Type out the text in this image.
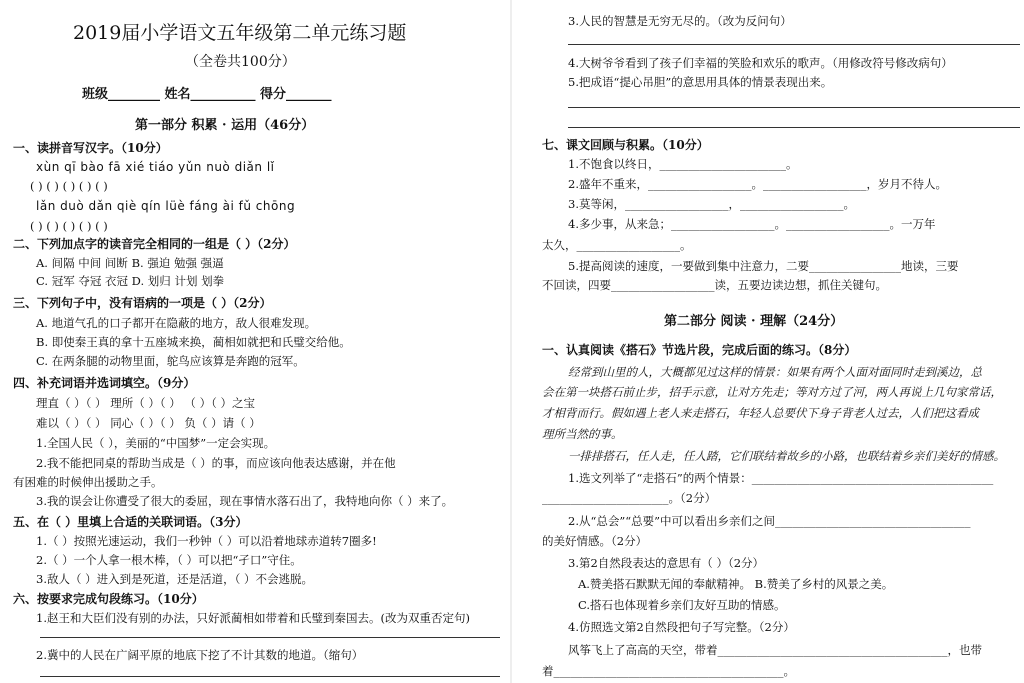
2019届小学语文五年级第二单元练习题
（全卷共100分）
班级________ 姓名__________ 得分_______
第一部分 积累 · 运用（46分）
一、读拼音写汉字。（10分）
xùn qī bào fā xié tiáo yǔn nuò diǎn lǐ
( ) ( ) ( ) ( ) ( )
lǎn duò dǎn qiè qín lüè fáng ài fǔ chōng
( ) ( ) ( ) ( ) ( )
二、下列加点字的读音完全相同的一组是（ ）（2分）
A. 间隔 中间 间断 B. 强迫 勉强 强逼
C. 冠军 夺冠 衣冠 D. 划归 计划 划拳
三、下列句子中，没有语病的一项是（ ）（2分）
A. 地道气孔的口子都开在隐蔽的地方，敌人很难发现。
B. 即使秦王真的拿十五座城来换，蔺相如就把和氏璧交给他。
C. 在两条腿的动物里面，鸵鸟应该算是奔跑的冠军。
四、补充词语并选词填空。（9分）
理直（ ）（ ） 理所（ ）（ ） （ ）（ ）之宝
难以（ ）（ ） 同心（ ）（ ） 负（ ）请（ ）
1.全国人民（ ），美丽的“中国梦”一定会实现。
2.我不能把同桌的帮助当成是（ ）的事，而应该向他表达感谢，并在他
有困难的时候伸出援助之手。
3.我的误会让你遭受了很大的委屈，现在事情水落石出了，我特地向你（ ）来了。
五、在（ ）里填上合适的关联词语。（3分）
1.（ ）按照光速运动，我们一秒钟（ ）可以沿着地球赤道转7圈多!
2.（ ）一个人拿一根木棒，（ ）可以把“孑口”守住。
3.敌人（ ）进入到是死道，还是活道，（ ）不会逃脱。
六、按要求完成句段练习。（10分）
1.赵王和大臣们没有别的办法，只好派蔺相如带着和氏璧到秦国去。(改为双重否定句)
2.冀中的人民在广阔平原的地底下挖了不计其数的地道。（缩句）
3.人民的智慧是无穷无尽的。（改为反问句）
4.大树爷爷看到了孩子们幸福的笑脸和欢乐的歌声。（用修改符号修改病句）
5.把成语“提心吊胆”的意思用具体的情景表现出来。
七、课文回顾与积累。（10分）
1.不饱食以终日，______________________。
2.盛年不重来，__________________。__________________，岁月不待人。
3.莫等闲，__________________，__________________。
4.多少事，从来急；__________________。__________________。一万年
太久，__________________。
5.提高阅读的速度，一要做到集中注意力，二要________________地读，三要
不回读，四要__________________读，五要边读边想，抓住关键句。
第二部分 阅读 · 理解（24分）
一、认真阅读《搭石》节选片段，完成后面的练习。（8分）
经常到山里的人，大概都见过这样的情景：如果有两个人面对面同时走到溪边，总
会在第一块搭石前止步，招手示意，让对方先走；等对方过了河，两人再说上几句家常话，
才相背而行。假如遇上老人来走搭石，年轻人总要伏下身子背老人过去，人们把这看成
理所当然的事。
一排排搭石，任人走，任人踏，它们联结着故乡的小路，也联结着乡亲们美好的情感。
1.选文列举了“走搭石”的两个情景：__________________________________________
______________________。（2分）
2.从“总会”“总要”中可以看出乡亲们之间__________________________________
的美好情感。（2分）
3.第2自然段表达的意思有（ ）（2分）
A.赞美搭石默默无闻的奉献精神。 B.赞美了乡村的风景之美。
C.搭石也体现着乡亲们友好互助的情感。
4.仿照选文第2自然段把句子写完整。（2分）
风筝飞上了高高的天空，带着________________________________________，也带
着________________________________________。
